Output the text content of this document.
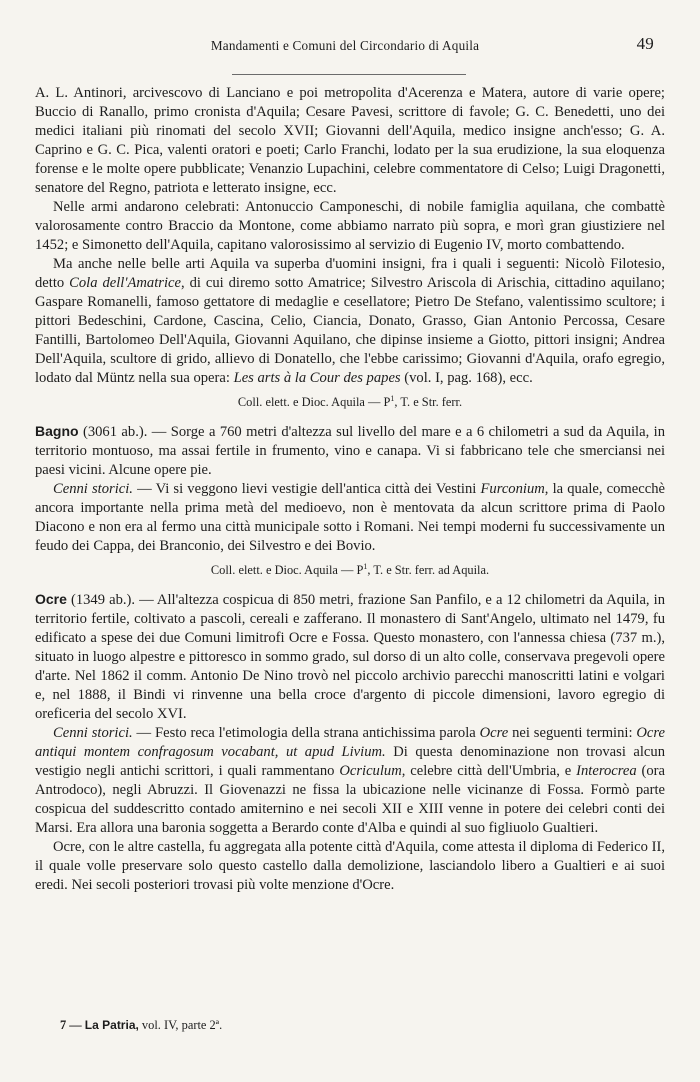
Mandamenti e Comuni del Circondario di Aquila	49

A. L. Antinori, arcivescovo di Lanciano e poi metropolita d'Acerenza e Matera, autore di varie opere; Buccio di Ranallo, primo cronista d'Aquila; Cesare Pavesi, scrittore di favole; G. C. Benedetti, uno dei medici italiani più rinomati del secolo XVII; Giovanni dell'Aquila, medico insigne anch'esso; G. A. Caprino e G. C. Pica, valenti oratori e poeti; Carlo Franchi, lodato per la sua erudizione, la sua eloquenza forense e le molte opere pubblicate; Venanzio Lupachini, celebre commentatore di Celso; Luigi Dragonetti, senatore del Regno, patriota e letterato insigne, ecc.

Nelle armi andarono celebrati: Antonuccio Camponeschi, di nobile famiglia aquilana, che combattè valorosamente contro Braccio da Montone, come abbiamo narrato più sopra, e morì gran giustiziere nel 1452; e Simonetto dell'Aquila, capitano valorosissimo al servizio di Eugenio IV, morto combattendo.

Ma anche nelle belle arti Aquila va superba d'uomini insigni, fra i quali i seguenti: Nicolò Filotesio, detto Cola dell'Amatrice, di cui diremo sotto Amatrice; Silvestro Ariscola di Arischia, cittadino aquilano; Gaspare Romanelli, famoso gettatore di medaglie e cesellatore; Pietro De Stefano, valentissimo scultore; i pittori Bedeschini, Cardone, Cascina, Celio, Ciancia, Donato, Grasso, Gian Antonio Percossa, Cesare Fantilli, Bartolomeo Dell'Aquila, Giovanni Aquilano, che dipinse insieme a Giotto, pittori insigni; Andrea Dell'Aquila, scultore di grido, allievo di Donatello, che l'ebbe carissimo; Giovanni d'Aquila, orafo egregio, lodato dal Müntz nella sua opera: Les arts à la Cour des papes (vol. I, pag. 168), ecc.

Coll. elett. e Dioc. Aquila — $P^1$, T. e Str. ferr.

Bagno (3061 ab.). — Sorge a 760 metri d'altezza sul livello del mare e a 6 chilometri a sud da Aquila, in territorio montuoso, ma assai fertile in frumento, vino e canapa. Vi si fabbricano tele che smerciansi nei paesi vicini. Alcune opere pie.

Cenni storici. — Vi si veggono lievi vestigie dell'antica città dei Vestini Furconium, la quale, comecchè ancora importante nella prima metà del medioevo, non è mentovata da alcun scrittore prima di Paolo Diacono e non era al fermo una città municipale sotto i Romani. Nei tempi moderni fu successivamente un feudo dei Cappa, dei Branconio, dei Silvestro e dei Bovio.

Coll. elett. e Dioc. Aquila — $P^1$, T. e Str. ferr. ad Aquila.

Ocre (1349 ab.). — All'altezza cospicua di 850 metri, frazione San Panfilo, e a 12 chilometri da Aquila, in territorio fertile, coltivato a pascoli, cereali e zafferano. Il monastero di Sant'Angelo, ultimato nel 1479, fu edificato a spese dei due Comuni limitrofi Ocre e Fossa. Questo monastero, con l'annessa chiesa (737 m.), situato in luogo alpestre e pittoresco in sommo grado, sul dorso di un alto colle, conservava pregevoli opere d'arte. Nel 1862 il comm. Antonio De Nino trovò nel piccolo archivio parecchi manoscritti latini e volgari e, nel 1888, il Bindi vi rinvenne una bella croce d'argento di piccole dimensioni, lavoro egregio di oreficeria del secolo XVI.

Cenni storici. — Festo reca l'etimologia della strana antichissima parola Ocre nei seguenti termini: Ocre antiqui montem confragosum vocabant, ut apud Livium. Di questa denominazione non trovasi alcun vestigio negli antichi scrittori, i quali rammentano Ocriculum, celebre città dell'Umbria, e Interocrea (ora Antrodoco), negli Abruzzi. Il Giovenazzi ne fissa la ubicazione nelle vicinanze di Fossa. Formò parte cospicua del suddescritto contado amiternino e nei secoli XII e XIII venne in potere dei celebri conti dei Marsi. Era allora una baronia soggetta a Berardo conte d'Alba e quindi al suo figliuolo Gualtieri.

Ocre, con le altre castella, fu aggregata alla potente città d'Aquila, come attesta il diploma di Federico II, il quale volle preservare solo questo castello dalla demolizione, lasciandolo libero a Gualtieri e ai suoi eredi. Nei secoli posteriori trovasi più volte menzione d'Ocre.

7 — La Patria, vol. IV, parte 2ª.
